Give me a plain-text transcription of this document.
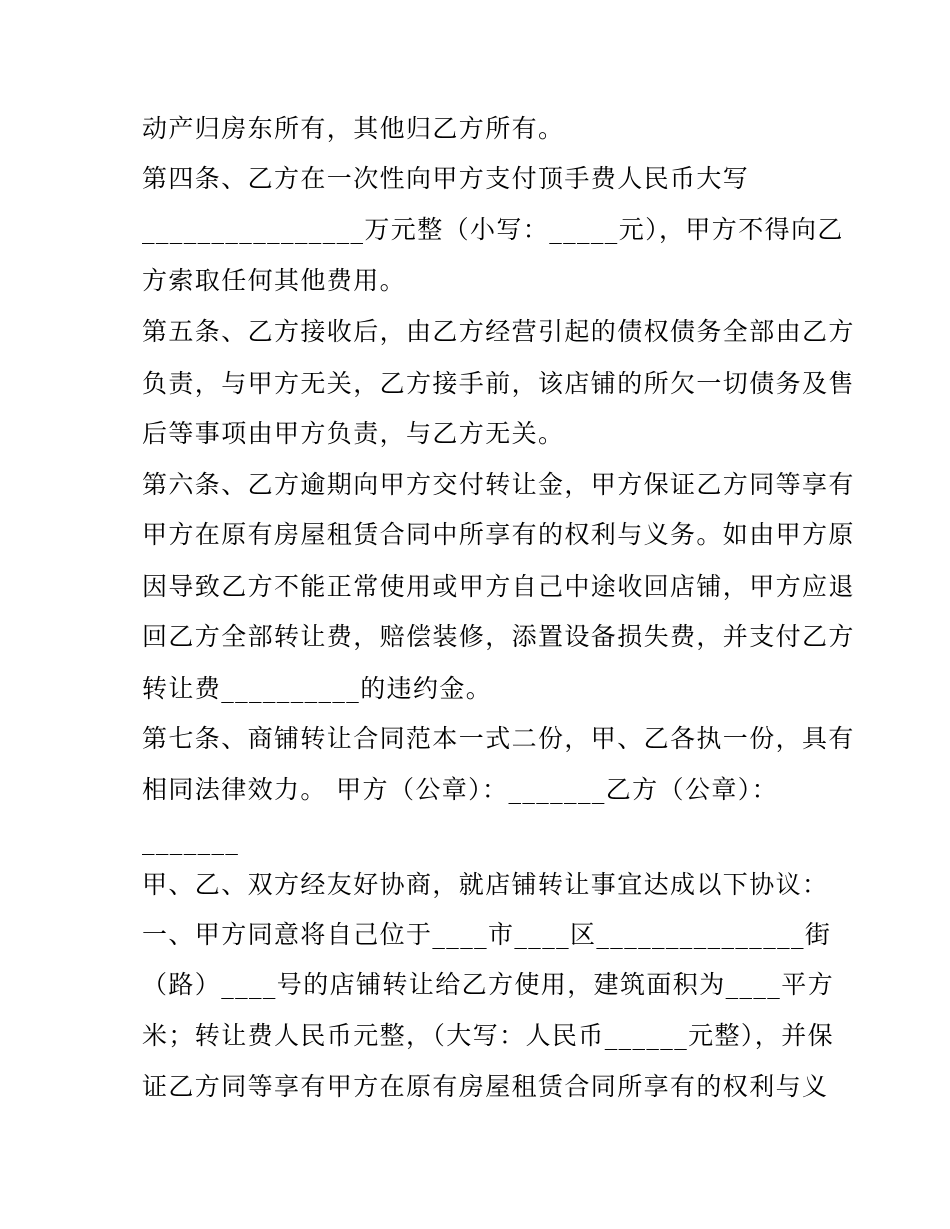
动产归房东所有，其他归乙方所有。
第四条、乙方在一次性向甲方支付顶手费人民币大写
________________万元整（小写：_____元），甲方不得向乙
方索取任何其他费用。
第五条、乙方接收后，由乙方经营引起的债权债务全部由乙方
负责，与甲方无关，乙方接手前，该店铺的所欠一切债务及售
后等事项由甲方负责，与乙方无关。
第六条、乙方逾期向甲方交付转让金，甲方保证乙方同等享有
甲方在原有房屋租赁合同中所享有的权利与义务。如由甲方原
因导致乙方不能正常使用或甲方自己中途收回店铺，甲方应退
回乙方全部转让费，赔偿装修，添置设备损失费，并支付乙方
转让费__________的违约金。
第七条、商铺转让合同范本一式二份，甲、乙各执一份，具有
相同法律效力。 甲方（公章）：_______乙方（公章）：
_______
甲、乙、双方经友好协商，就店铺转让事宜达成以下协议：
一、甲方同意将自己位于____市____区_______________街
（路）____号的店铺转让给乙方使用，建筑面积为____平方
米；转让费人民币元整，（大写：人民币______元整），并保
证乙方同等享有甲方在原有房屋租赁合同所享有的权利与义
